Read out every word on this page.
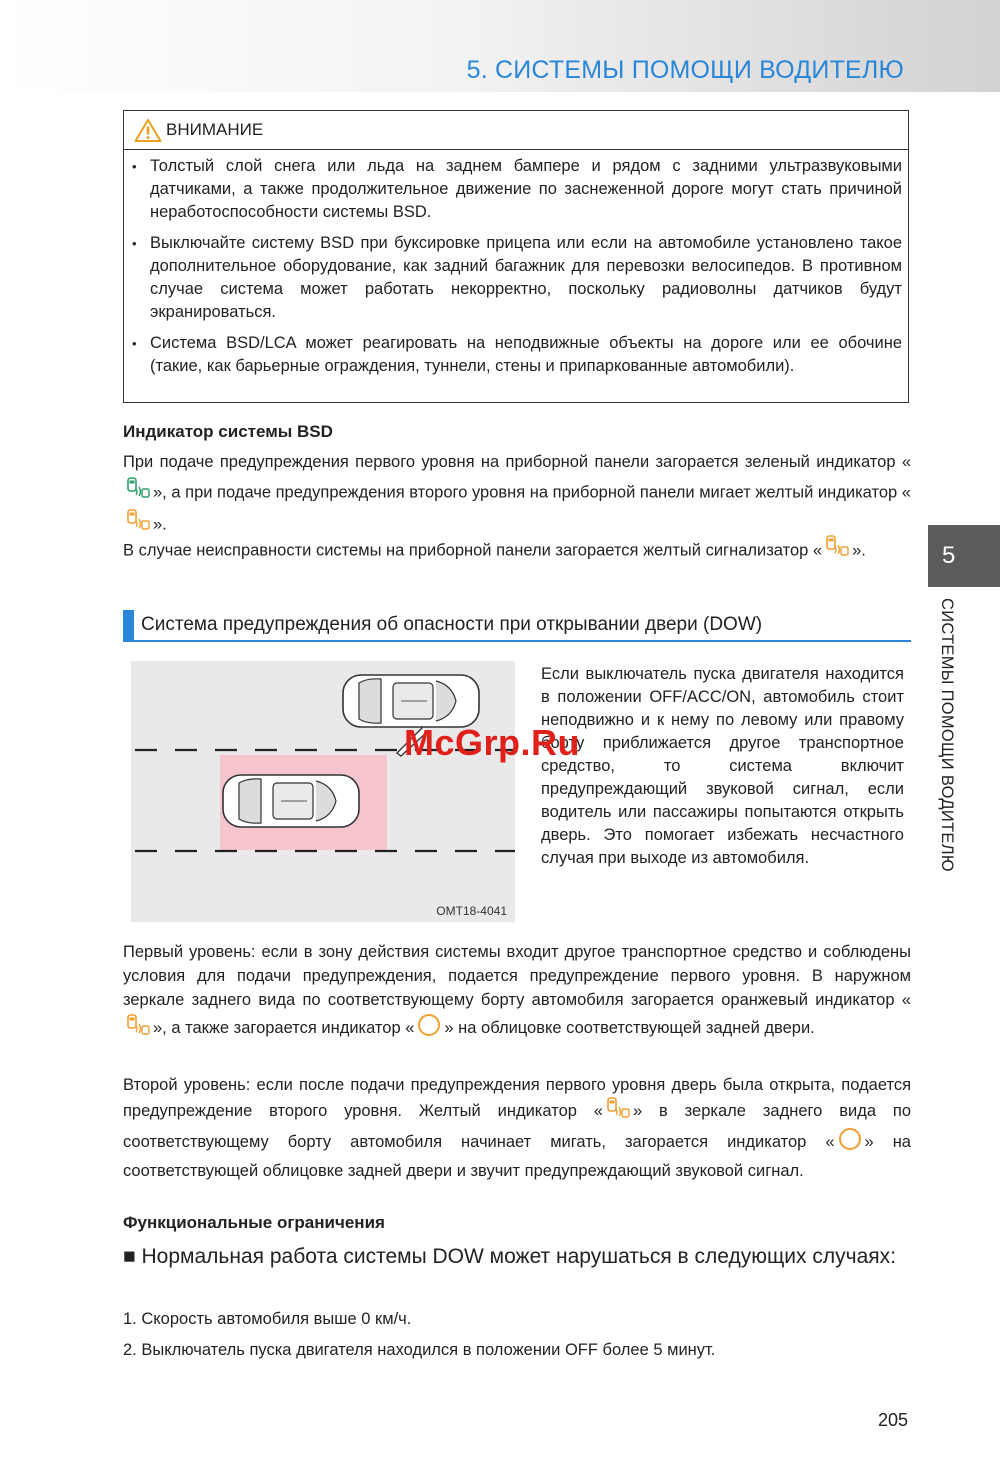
5. СИСТЕМЫ ПОМОЩИ ВОДИТЕЛЮ
ВНИМАНИЕ
• Толстый слой снега или льда на заднем бампере и рядом с задними ультразвуковыми датчиками, а также продолжительное движение по заснеженной дороге могут стать причиной неработоспособности системы BSD.
• Выключайте систему BSD при буксировке прицепа или если на автомобиле установлено такое дополнительное оборудование, как задний багажник для перевозки велосипедов. В противном случае система может работать некорректно, поскольку радиоволны датчиков будут экранироваться.
• Система BSD/LCA может реагировать на неподвижные объекты на дороге или ее обочине (такие, как барьерные ограждения, туннели, стены и припаркованные автомобили).
Индикатор системы BSD

При подаче предупреждения первого уровня на приборной панели загорается зеленый индикатор «», а при подаче предупреждения второго уровня на приборной панели мигает желтый индикатор «».

В случае неисправности системы на приборной панели загорается желтый сигнализатор « ».

Система предупреждения об опасности при открывании двери (DOW)
OMT18-4041
Если выключатель пуска двигателя находится в положении OFF/ACC/ON, автомобиль стоит неподвижно и к нему по левому или правому борту приближается другое транспортное средство, то система включит предупреждающий звуковой сигнал, если водитель или пассажиры попытаются открыть дверь. Это помогает избежать несчастного случая при выходе из автомобиля.
McGrp.Ru

Первый уровень: если в зону действия системы входит другое транспортное средство и соблюдены условия для подачи предупреждения, подается предупреждение первого уровня. В наружном зеркале заднего вида по соответствующему борту автомобиля загорается оранжевый индикатор «», а также загорается индикатор « » на облицовке соответствующей задней двери.

Второй уровень: если после подачи предупреждения первого уровня дверь была открыта, подается предупреждение второго уровня. Желтый индикатор « » в зеркале заднего вида по соответствующему борту автомобиля начинает мигать, загорается индикатор « » на соответствующей облицовке задней двери и звучит предупреждающий звуковой сигнал.

Функциональные ограничения
■ Нормальная работа системы DOW может нарушаться в следующих случаях:
1. Скорость автомобиля выше 0 км/ч.
2. Выключатель пуска двигателя находился в положении OFF более 5 минут.
5
СИСТЕМЫ ПОМОЩИ ВОДИТЕЛЮ
205
